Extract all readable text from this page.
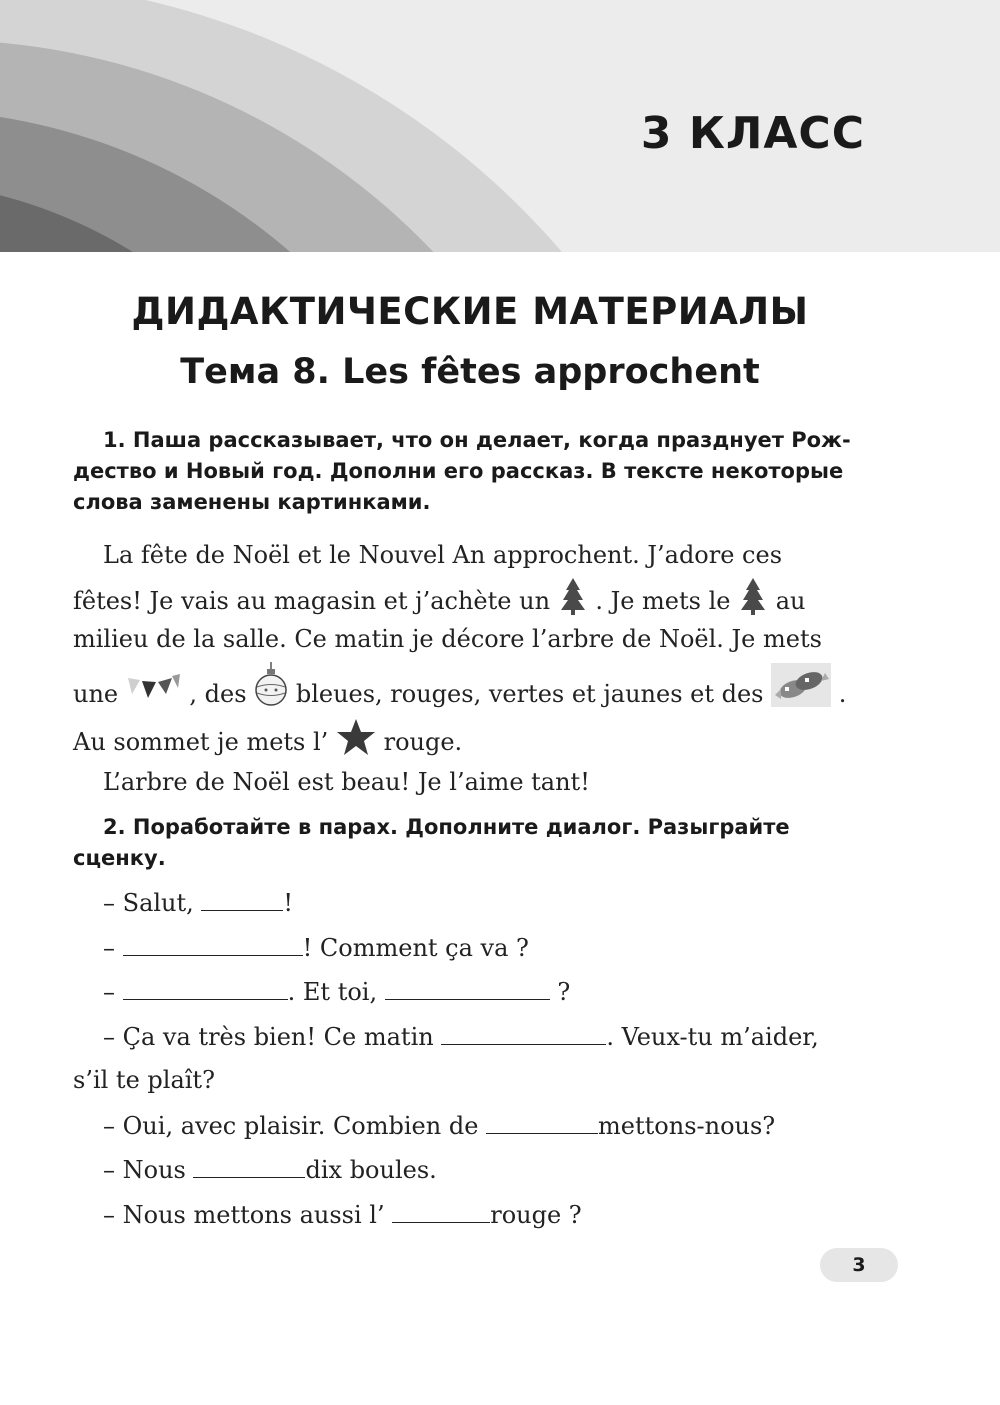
3 КЛАСС
ДИДАКТИЧЕСКИЕ МАТЕРИАЛЫ
Тема 8. Les fêtes approchent
1. Паша рассказывает, что он делает, когда празднует Рож-
дество и Новый год. Дополни его рассказ. В тексте некоторые
слова заменены картинками.
La fête de Noël et le Nouvel An approchent. J’adore ces
fêtes! Je vais au magasin et j’achète un . Je mets le au
milieu de la salle. Ce matin je décore l’arbre de Noël. Je mets
une	, des bleues, rouges, vertes et jaunes et des	.
Au sommet je mets l’ rouge.
L’arbre de Noël est beau! Je l’aime tant!
2. Поработайте в парах. Дополните диалог. Разыграйте
сценку.
– Salut,	!
–	! Comment ça va ?
–	. Et toi,	?
– Ça va très bien! Ce matin	. Veux-tu m’aider,
s’il te plaît?
– Oui, avec plaisir. Combien de	mettons-nous?
– Nous	dix boules.
– Nous mettons aussi l’	rouge ?
3
